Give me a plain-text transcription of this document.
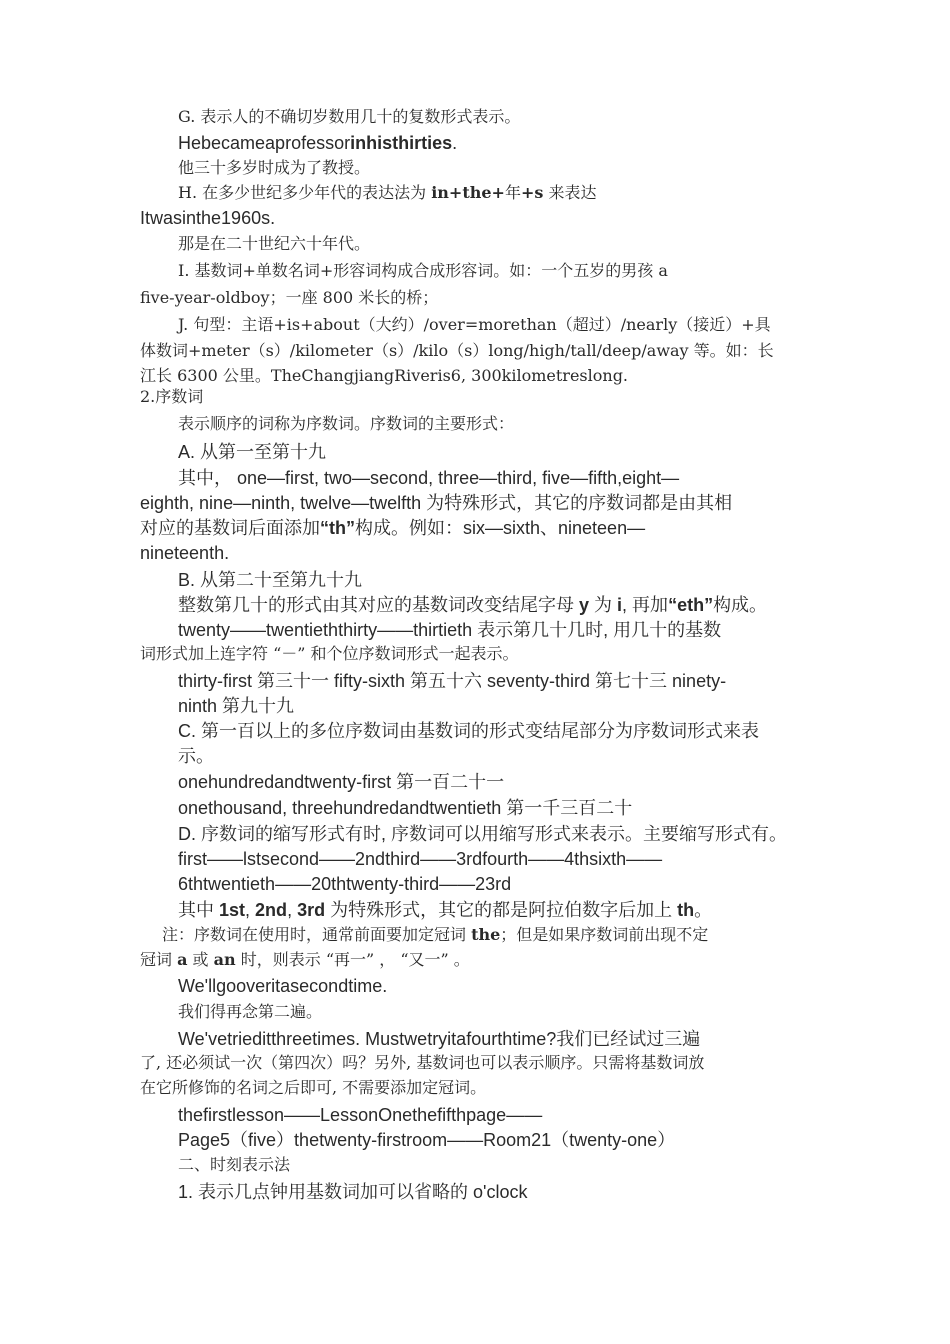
G. 表示人的不确切岁数用几十的复数形式表示。
Hebecameaprofessorinhisthirties.
他三十多岁时成为了教授。
H. 在多少世纪多少年代的表达法为 in+the+年+s 来表达
Itwasinthe1960s.
那是在二十世纪六十年代。
I. 基数词+单数名词+形容词构成合成形容词。如：一个五岁的男孩 a
five-year-oldboy；一座 800 米长的桥；
J. 句型：主语+is+about（大约）/over=morethan（超过）/nearly（接近）+具
体数词+meter（s）/kilometer（s）/kilo（s）long/high/tall/deep/away 等。如：长
江长 6300 公里。TheChangjiangRiveris6, 300kilometreslong.
2.序数词
表示顺序的词称为序数词。序数词的主要形式：
A. 从第一至第十九
其中， one—first, two—second, three—third, five—fifth,eight—
eighth, nine—ninth, twelve—twelfth 为特殊形式，其它的序数词都是由其相
对应的基数词后面添加“th”构成。例如：six—sixth、nineteen—
nineteenth.
B. 从第二十至第九十九
整数第几十的形式由其对应的基数词改变结尾字母 y 为 i, 再加“eth”构成。
twenty——twentieththirty——thirtieth 表示第几十几时, 用几十的基数
词形式加上连字符 “－” 和个位序数词形式一起表示。
thirty-first 第三十一 fifty-sixth 第五十六 seventy-third 第七十三 ninety-
ninth 第九十九
C. 第一百以上的多位序数词由基数词的形式变结尾部分为序数词形式来表
示。
onehundredandtwenty-first 第一百二十一
onethousand, threehundredandtwentieth 第一千三百二十
D. 序数词的缩写形式有时, 序数词可以用缩写形式来表示。主要缩写形式有。
first——lstsecond——2ndthird——3rdfourth——4thsixth——
6thtwentieth——20thtwenty-third——23rd
其中 1st, 2nd, 3rd 为特殊形式，其它的都是阿拉伯数字后加上 th。
注：序数词在使用时，通常前面要加定冠词 the；但是如果序数词前出现不定
冠词 a 或 an 时，则表示 “再一” ， “又一” 。
We'llgooveritasecondtime.
我们得再念第二遍。
We'vetrieditthreetimes. Mustwetryitafourthtime?我们已经试过三遍
了, 还必须试一次（第四次）吗？另外, 基数词也可以表示顺序。只需将基数词放
在它所修饰的名词之后即可, 不需要添加定冠词。
thefirstlesson——LessonOnethefifthpage——
Page5（five）thetwenty-firstroom——Room21（twenty-one）
二、时刻表示法
1. 表示几点钟用基数词加可以省略的 o'clock
